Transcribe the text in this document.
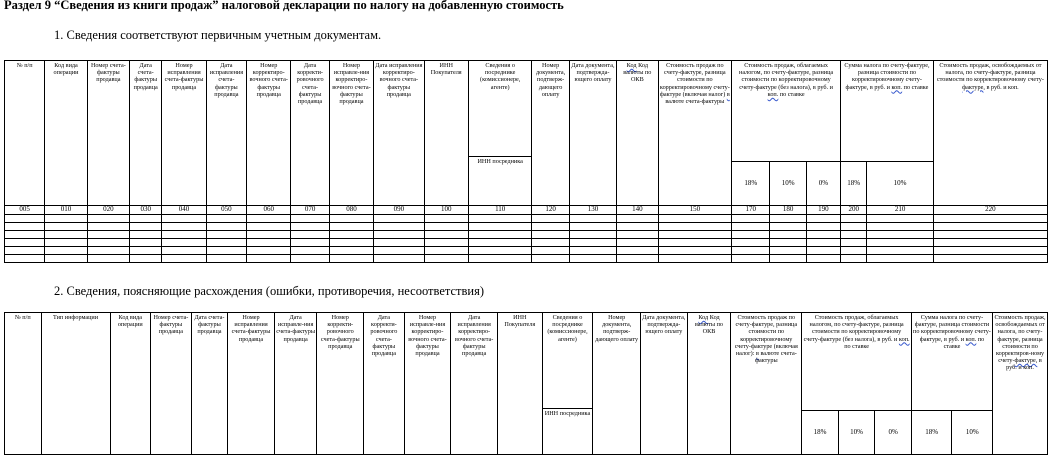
Раздел 9 “Сведения из книги продаж” налоговой декларации по налогу на добавленную стоимость
1. Сведения соответствуют первичным учетным документам.
№ п/п	Код вида операции	Номер счета-фактуры продавца	Дата счета-фактуры продавца	Номер исправления счета-фактуры продавца	Дата исправления счета-фактуры продавца	Номер корректиро-вочного счета-фактуры продавца	Дата корректи-ровочного счета-фактуры продавца	Номер исправле-ния корректиро-вочного счета-фактуры продавца	Дата исправления корректиро-вочного счета-фактуры продавца	ИНН Покупателя	Сведения о посреднике (комиссионере, агенте)	Номер документа, подтверж-дающего оплату	Дата документа, подтвержда-ющего оплату	Код Код валюты по ОКВ	Стоимость продаж по счету-фактуре, разница стоимости по корректировочному счету-фактуре (включая налог) в валюте счета-фактуры	Стоимость продаж, облагаемых налогом, по счету-фактуре, разница стоимости по корректировочному счету-фактуре (без налога), в руб. и коп. по ставке			Сумма налога по счету-фактуре, разница стоимости по корректировочному счету-фактуре, в руб. и коп. по ставке		Стоимость продаж, освобождаемых от налога, по счету-фактуре, разница стоимости по корректировочному счету-фактуре, в руб. и коп.
											ИНН посредника										
																18%	10%	0%	18%	10%	
005	010	020	030	040	050	060	070	080	090	100	110	120	130	140	150	170	180	190	200	210	220

2. Сведения, поясняющие расхождения (ошибки, противоречия, несоответствия)
№ п/п	Тип информации	Код вида операции	Номер счета-фактуры продавца	Дата счета-фактуры продавца	Номер исправления счета-фактуры продавца	Дата исправле-ния счета-фактуры продавца	Номер корректи-ровочного счета-фактуры продавца	Дата корректи-ровочного счета-фактуры продавца	Номер исправле-ния корректиро-вочного счета-фактуры продавца	Дата исправления корректиро-вочного счета-фактуры продавца	ИНН Покупателя	Сведения о посреднике (комиссионере, агенте)	Номер документа, подтверж-дающего оплату	Дата документа, подтвержда-ющего оплату	Код Код валюты по ОКВ	Стоимость продаж по счету-фактуре, разница стоимости по корректировочному счету-фактуре (включая налог): в валюте счета-фактуры	Стоимость продаж, облагаемых налогом, по счету-фактуре, разница стоимости по корректировочному счету-фактуре (без налога), в руб. и коп. по ставке			Сумма налога по счету-фактуре, разница стоимости по корректировочному счету-фактуре, в руб. и коп. по ставке		Стоимость продаж, освобождаемых от налога, по счету-фактуре, разница стоимости по корректиров-ному счету-фактуре, в руб. и коп.
												ИНН посредника										
																	18%	10%	0%	18%	10%	
